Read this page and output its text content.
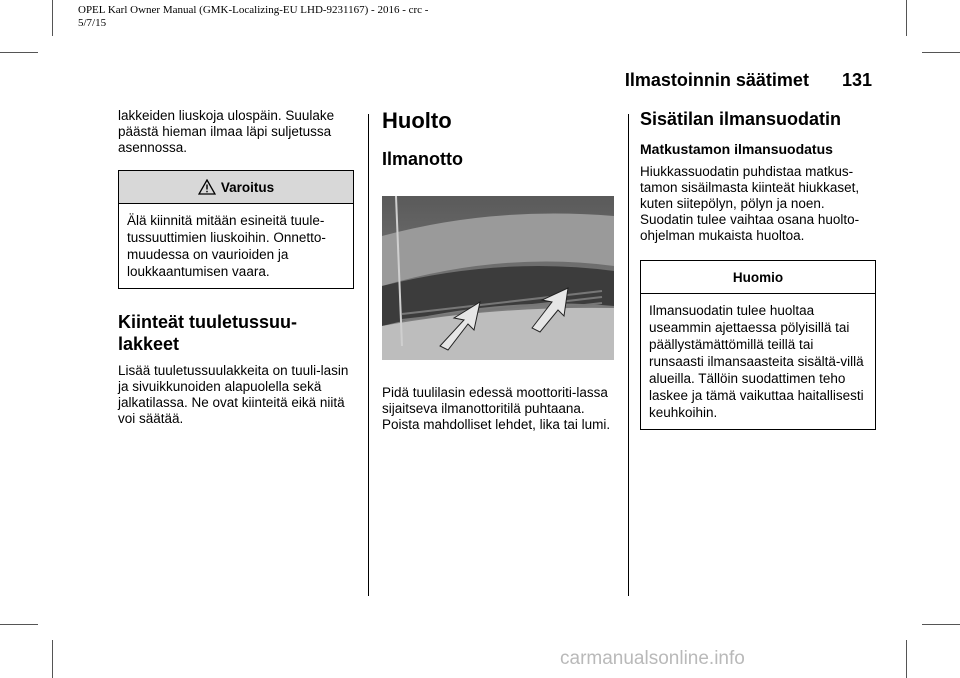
OPEL Karl Owner Manual (GMK-Localizing-EU LHD-9231167) - 2016 - crc -
5/7/15
Ilmastoinnin säätimet 131

lakkeiden liuskoja ulospäin. Suulake päästä hieman ilmaa läpi suljetussa asennossa.

Varoitus
Älä kiinnitä mitään esineitä tuule-tussuuttimien liuskoihin. Onnetto-muudessa on vaurioiden ja loukkaantumisen vaara.
Kiinteät tuuletussuu-lakkeet

Lisää tuuletussuulakkeita on tuuli-lasin ja sivuikkunoiden alapuolella sekä jalkatilassa. Ne ovat kiinteitä eikä niitä voi säätää.

Huolto
Ilmanotto

Pidä tuulilasin edessä moottoriti-lassa sijaitseva ilmanottoritilä puhtaana. Poista mahdolliset lehdet, lika tai lumi.

Sisätilan ilmansuodatin
Matkustamon ilmansuodatus

Hiukkassuodatin puhdistaa matkus-tamon sisäilmasta kiinteät hiukkaset, kuten siitepölyn, pölyn ja noen. Suodatin tulee vaihtaa osana huolto-ohjelman mukaista huoltoa.

Huomio
Ilmansuodatin tulee huoltaa useammin ajettaessa pölyisillä tai päällystämättömillä teillä tai runsaasti ilmansaasteita sisältä-villä alueilla. Tällöin suodattimen teho laskee ja tämä vaikuttaa haitallisesti keuhkoihin.
carmanualsonline.info
